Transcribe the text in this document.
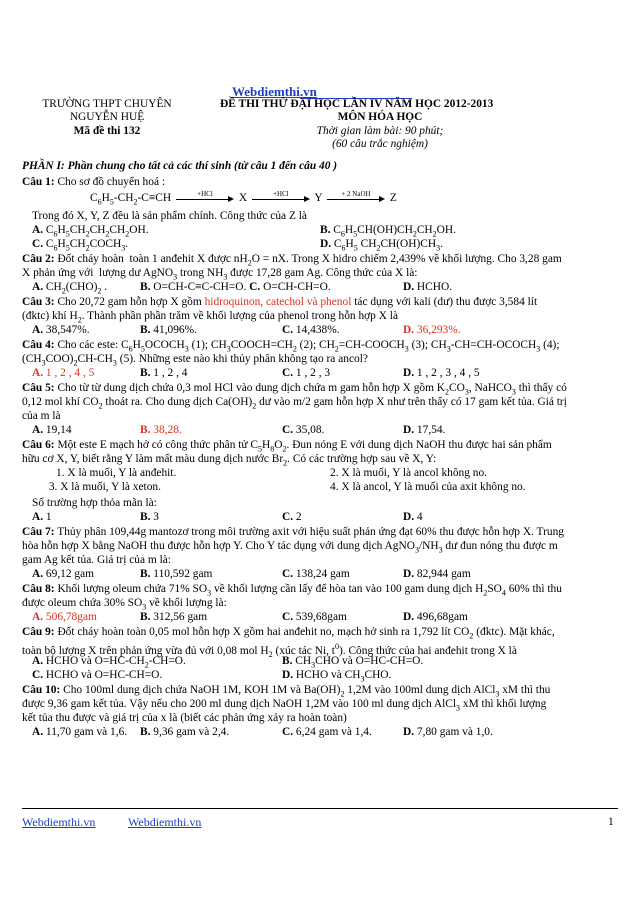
Webdiemthi.vn
TRƯỜNG THPT CHUYÊN
NGUYỄN HUỆ
Mã đề thi 132
ĐỀ THI THỬ ĐẠI HỌC LẦN IV NĂM HỌC 2012-2013
MÔN HÓA HỌC
Thời gian làm bài: 90 phút;
(60 câu trắc nghiệm)
PHẦN I: Phần chung cho tất cả các thí sinh (từ câu 1 đến câu 40 )
Câu 1: Cho sơ đồ chuyển hoá :
$C_6H_5-CH_2-C\equiv CH$	+HCl	X	+HCl	Y	+ 2 NaOH	Z
Trong đó X, Y, Z đều là sản phẩm chính. Công thức của Z là
A. $C_6H_5CH_2CH_2CH_2OH$.	B. $C_6H_5CH(OH)CH_2CH_2OH$.
C. $C_6H_5CH_2COCH_3$.	D. $C_6H_5$ $CH_2CH(OH)CH_3$.
Câu 2: Đốt cháy hoàn  toàn 1 anđehit X được $nH_2O$ = nX. Trong X hidro chiếm 2,439% về khối lượng. Cho 3,28 gam
X phản ứng với  lượng dư AgNO$_3$ trong $NH_3$ được 17,28 gam Ag. Công thức của X là:
A. $CH_2(CHO)_2$ .	B. O=CH-C≡C-CH=O. C. O=CH-CH=O.	D. HCHO.
Câu 3: Cho 20,72 gam hỗn hợp X gồm hidroquinon, catechol và phenol tác dụng với kali (dư) thu được 3,584 lít
(đktc) khí $H_2$. Thành phần phần trăm về khối lượng của phenol trong hỗn hợp X là
A. 38,547%.	B. 41,096%.	C. 14,438%.	D. 36,293%.
Câu 4: Cho các este: $C_6H_5OCOCH_3$ (1); $CH_3COOCH=CH_2$ (2); $CH_2=CH-COOCH_3$ (3); $CH_3-CH=CH-OCOCH_3$ (4);
$(CH_3COO)_2CH-CH_3$ (5). Những este nào khi thủy phân không tạo ra ancol?
A. 1 , 2 , 4 , 5	B. 1 , 2 , 4	C. 1 , 2 , 3	D. 1 , 2 , 3 , 4 , 5
Câu 5: Cho từ từ dung dịch chứa 0,3 mol HCl vào dung dịch chứa m gam hỗn hợp X gồm $K_2CO_3$, NaHCO$_3$ thì thấy có
0,12 mol khí $CO_2$ thoát ra. Cho dung dịch $Ca(OH)_2$ dư vào m/2 gam hỗn hợp X như trên thấy có 17 gam kết tủa. Giá trị
của m là
A. 19,14	B. 38,28.	C. 35,08.	D. 17,54.
Câu 6: Một este E mạch hở có công thức phân tử $C_5H_8O_2$. Đun nóng E với dung dịch NaOH thu được hai sản phẩm
hữu cơ X, Y, biết rằng Y làm mất màu dung dịch nước $Br_2$. Có các trường hợp sau về X, Y:
1. X là muối, Y là anđehit.	2. X là muối, Y là ancol không no.
3. X là muối, Y là xeton.	4. X là ancol, Y là muối của axit không no.
Số trường hợp thỏa mãn là:
A. 1	B. 3	C. 2	D. 4
Câu 7: Thủy phân 109,44g mantozơ trong môi trường axit với hiệu suất phản ứng đạt 60% thu được hỗn hợp X. Trung
hòa hỗn hợp X bằng NaOH thu được hỗn hợp Y. Cho Y tác dụng với dung dịch $AgNO_3/NH_3$ dư đun nóng thu được m
gam Ag kết tủa. Giá trị của m là:
A. 69,12 gam	B. 110,592 gam	C. 138,24 gam	D. 82,944 gam
Câu 8: Khối lượng oleum chứa 71% $SO_3$ về khối lượng cần lấy để hòa tan vào 100 gam dung dịch $H_2SO_4$ 60% thì thu
được oleum chứa 30% $SO_3$ về khối lượng là:
A. 506,78gam	B. 312,56 gam	C. 539,68gam	D. 496,68gam
Câu 9: Đốt cháy hoàn toàn 0,05 mol hỗn hợp X gồm hai anđehit no, mạch hở sinh ra 1,792 lít $CO_2$ (đktc). Mặt khác,
toàn bộ lượng X trên phản ứng vừa đủ với 0,08 mol $H_2$ (xúc tác Ni, $t^0$). Công thức của hai anđehit trong X là
A. HCHO và $O=HC-CH_2-CH=O$.	B. $CH_3CHO$ và O=HC-CH=O.
C. HCHO và O=HC-CH=O.	D. HCHO và $CH_3CHO$.
Câu 10: Cho 100ml dung dịch chứa NaOH 1M, KOH 1M và $Ba(OH)_2$ 1,2M vào 100ml dung dịch AlCl$_3$ xM thì thu
được 9,36 gam kết tủa. Vậy nếu cho 200 ml dung dịch NaOH 1,2M vào 100 ml dung dịch AlCl$_3$ xM thì khối lượng
kết tủa thu được và giá trị của x là (biết các phản ứng xảy ra hoàn toàn)
A. 11,70 gam và 1,6. B. 9,36 gam và 2,4.	C. 6,24 gam và 1,4.	D. 7,80 gam và 1,0.
Webdiemthi.vn	Webdiemthi.vn	1
